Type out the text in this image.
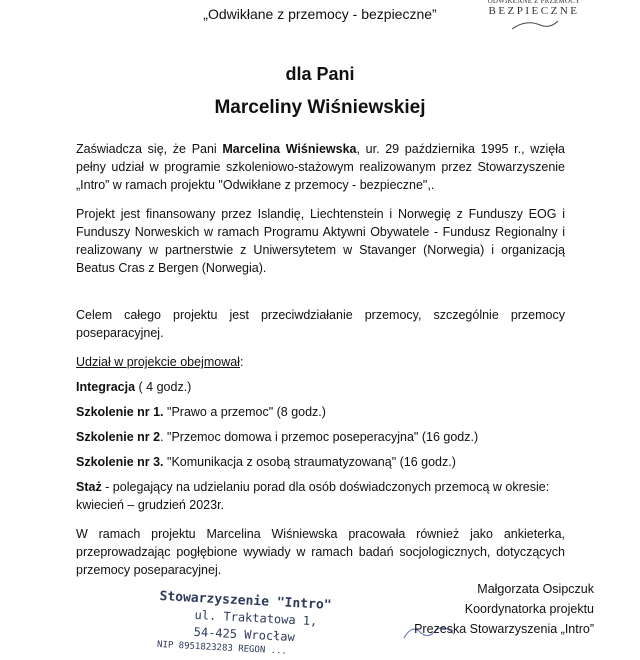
„Odwikłane z przemocy - bezpieczne”
ODWIKŁANE Z PRZEMOCY
BEZPIECZNE
dla Pani
Marceliny Wiśniewskiej

Zaświadcza się, że Pani Marcelina Wiśniewska, ur. 29 października 1995 r., wzięła pełny udział w programie szkoleniowo-stażowym realizowanym przez Stowarzyszenie „Intro” w ramach projektu "Odwikłane z przemocy - bezpieczne",.

Projekt jest finansowany przez Islandię, Liechtenstein i Norwegię z Funduszy EOG i Funduszy Norweskich w ramach Programu Aktywni Obywatele - Fundusz Regionalny i realizowany w partnerstwie z Uniwersytetem w Stavanger (Norwegia) i organizacją Beatus Cras z Bergen (Norwegia).

Celem całego projektu jest przeciwdziałanie przemocy, szczególnie przemocy poseparacyjnej.

Udział w projekcie obejmował:

Integracja ( 4 godz.)

Szkolenie nr 1. "Prawo a przemoc" (8 godz.)

Szkolenie nr 2. "Przemoc domowa i przemoc poseperacyjna" (16 godz.)

Szkolenie nr 3. "Komunikacja z osobą straumatyzowaną" (16 godz.)

Staż - polegający na udzielaniu porad dla osób doświadczonych przemocą w okresie: kwiecień – grudzień 2023r.

W ramach projektu Marcelina Wiśniewska pracowała również jako ankieterka, przeprowadzając pogłębione wywiady w ramach badań socjologicznych, dotyczących przemocy poseparacyjnej.

Stowarzyszenie "Intro"
ul. Traktatowa 1,
54-425 Wrocław
NIP 8951823283 REGON ...
Małgorzata Osipczuk
Koordynatorka projektu
Prezeska Stowarzyszenia „Intro”
